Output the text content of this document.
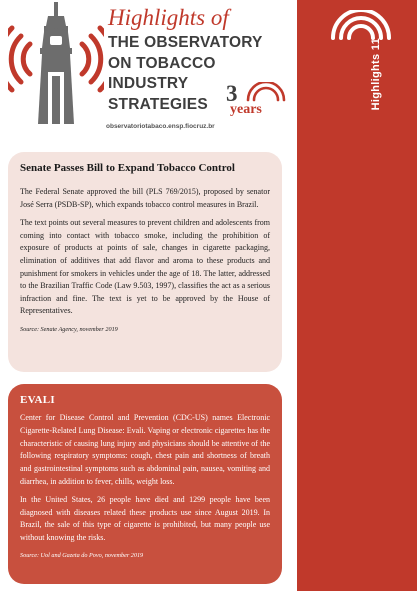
Highlights of
THE OBSERVATORY
ON TOBACCO
INDUSTRY
STRATEGIES 3
years
observatoriotabaco.ensp.fiocruz.br
Highlights 11
Senate Passes Bill to Expand Tobacco Control

The Federal Senate approved the bill (PLS 769/2015), proposed by senator José Serra (PSDB-SP), which expands tobacco control measures in Brazil.

The text points out several measures to prevent children and adolescents from coming into contact with tobacco smoke, including the prohibition of exposure of products at points of sale, changes in cigarette packaging, elimination of additives that add flavor and aroma to these products and punishment for smokers in vehicles under the age of 18. The latter, addressed to the Brazilian Traffic Code (Law 9.503, 1997), classifies the act as a serious infraction and fine. The text is yet to be approved by the House of Representatives.

Source: Senate Agency, november 2019

EVALI

Center for Disease Control and Prevention (CDC-US) names Electronic Cigarette-Related Lung Disease: Evali. Vaping or electronic cigarettes has the characteristic of causing lung injury and physicians should be attentive of the following respiratory symptoms: cough, chest pain and shortness of breath and gastrointestinal symptoms such as abdominal pain, nausea, vomiting and diarrhea, in addition to fever, chills, weight loss.

In the United States, 26 people have died and 1299 people have been diagnosed with diseases related these products use since August 2019. In Brazil, the sale of this type of cigarette is prohibited, but many people use without knowing the risks.

Source: Uol and Gazeta do Povo, november 2019
